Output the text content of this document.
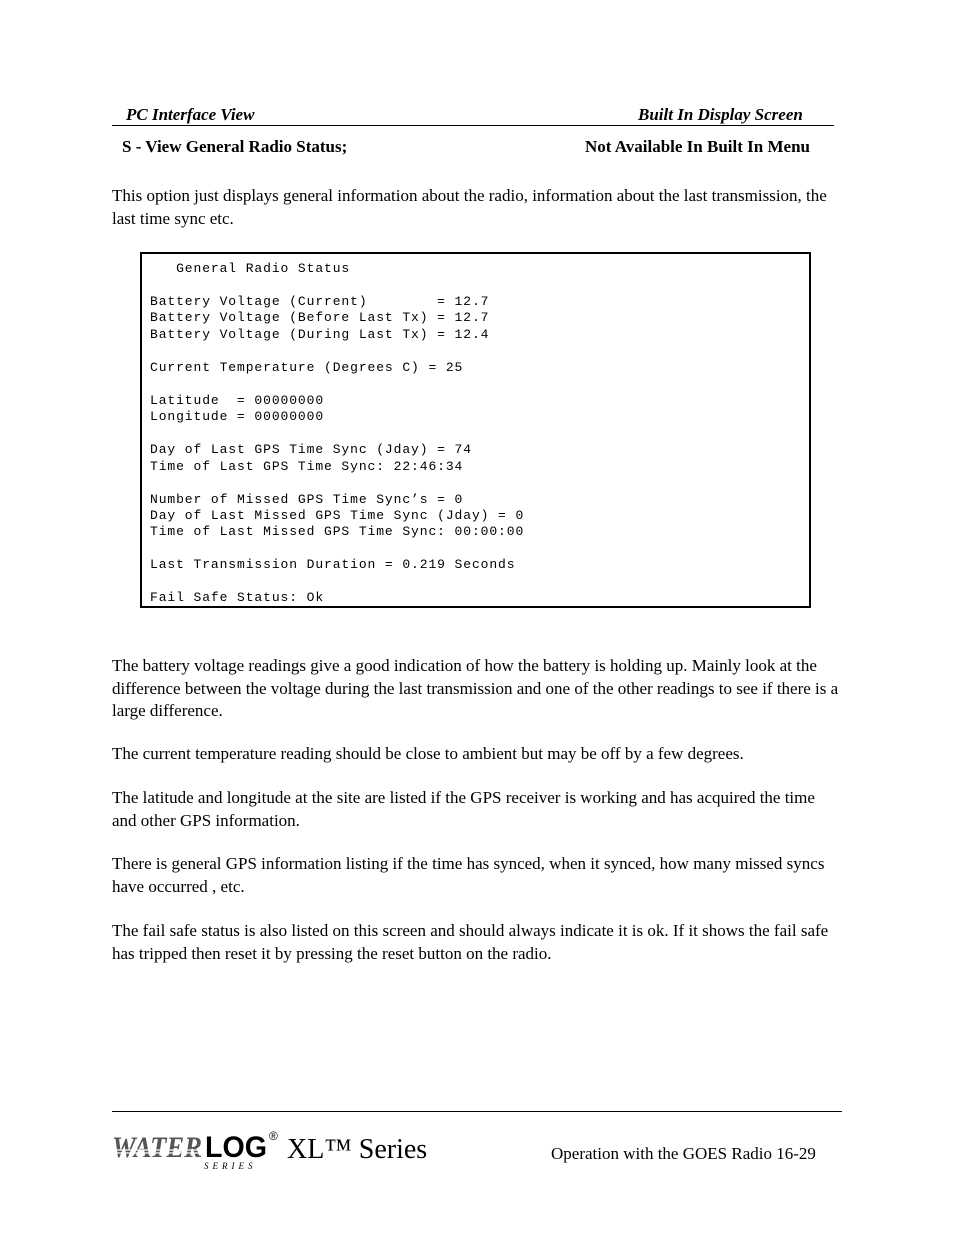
PC Interface View	Built In Display Screen
S - View General Radio Status;	Not Available In Built In Menu

This option just displays general information about the radio, information about the last transmission, the last time sync etc.

General Radio Status
Battery Voltage (Current)        = 12.7
Battery Voltage (Before Last Tx) = 12.7
Battery Voltage (During Last Tx) = 12.4
Current Temperature (Degrees C) = 25
Latitude  = 00000000
Longitude = 00000000
Day of Last GPS Time Sync (Jday) = 74
Time of Last GPS Time Sync: 22:46:34
Number of Missed GPS Time Sync’s = 0
Day of Last Missed GPS Time Sync (Jday) = 0
Time of Last Missed GPS Time Sync: 00:00:00
Last Transmission Duration = 0.219 Seconds
Fail Safe Status: Ok

The battery voltage readings give a good indication of how the battery is holding up. Mainly look at the difference between the voltage during the last transmission and one of the other readings to see if there is a large difference.

The current temperature reading should be close to ambient but may be off by a few degrees.

The latitude and longitude at the site are listed if the GPS receiver is working and has acquired the time and other GPS information.

There is general GPS information listing if the time has synced, when it synced, how many missed syncs have occurred , etc.

The fail safe status is also listed on this screen and should always indicate it is ok. If it shows the fail safe has tripped then reset it by pressing the reset button on the radio.

WATER LOG ®
SERIES
XL™ Series	Operation with the GOES Radio 16-29
